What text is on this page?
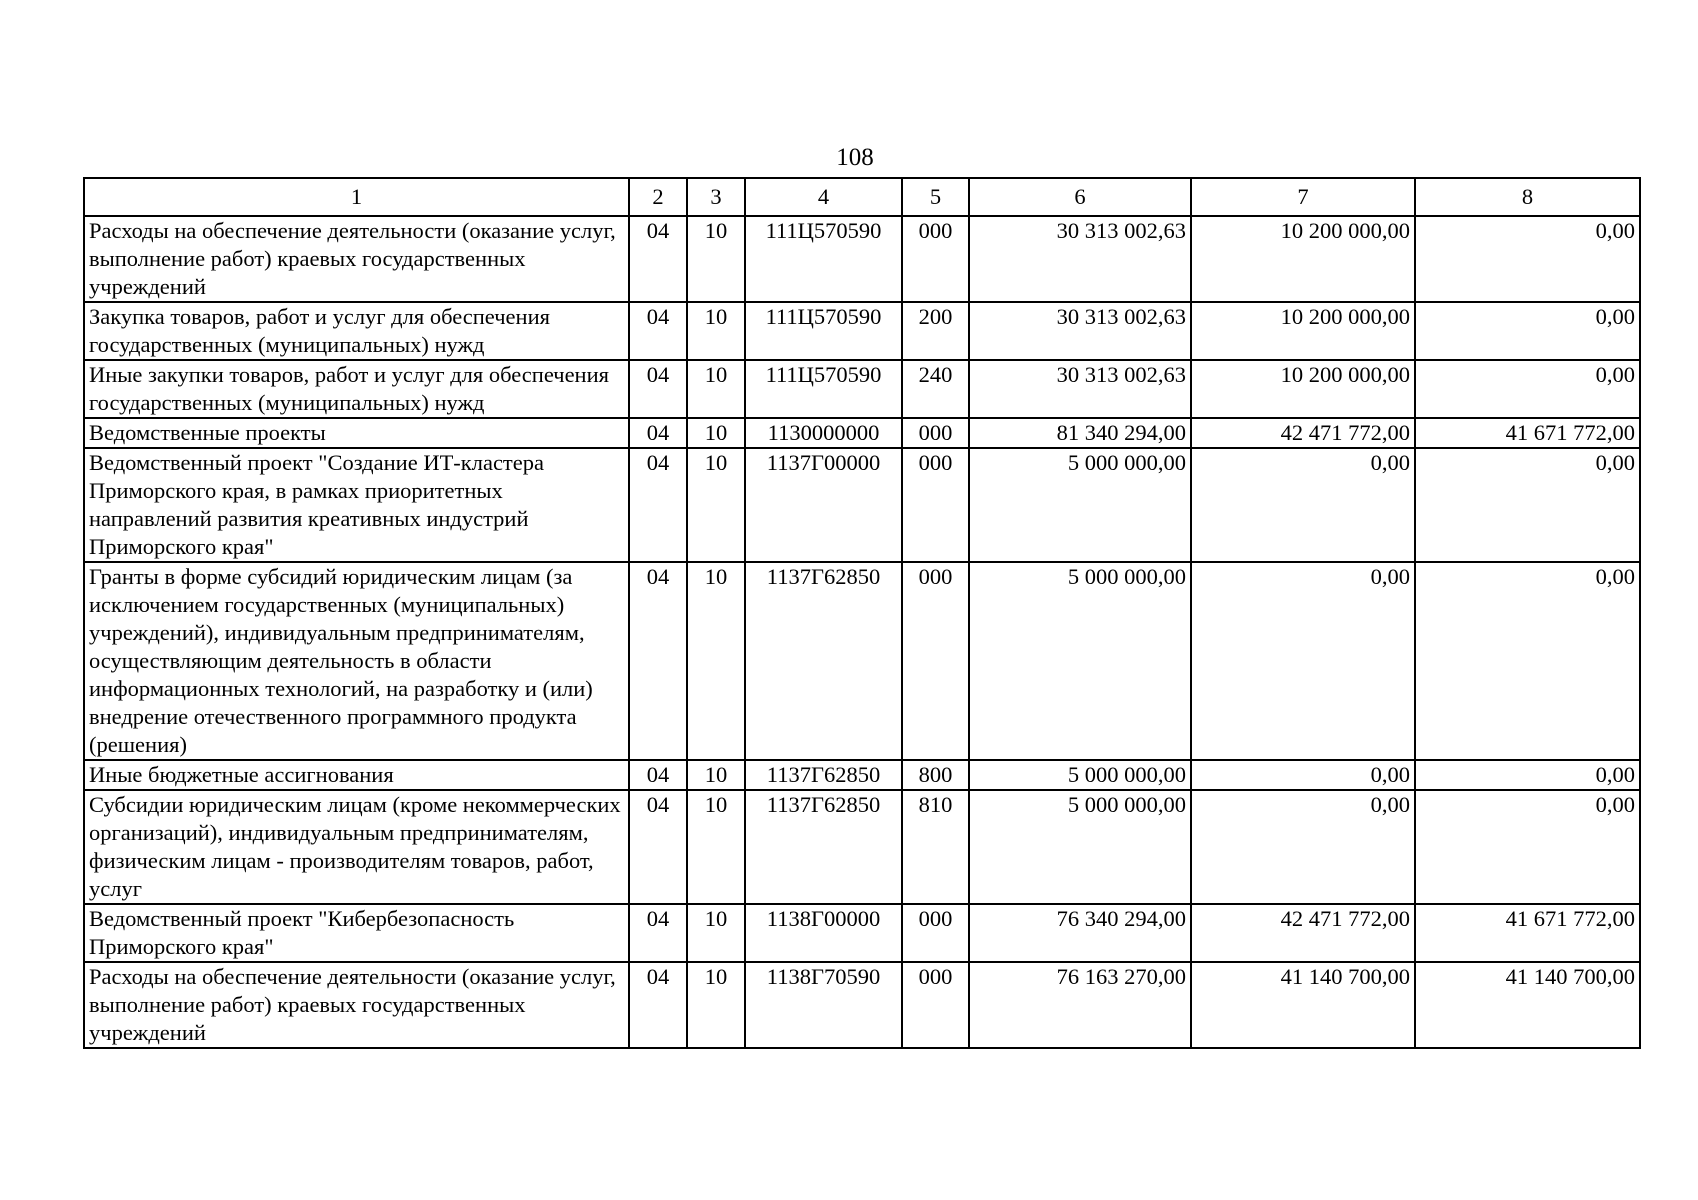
108
1	2	3	4	5	6	7	8
Расходы на обеспечение деятельности (оказание услуг, выполнение работ) краевых государственных учреждений	04	10	111Ц570590	000	30 313 002,63	10 200 000,00	0,00
Закупка товаров, работ и услуг для обеспечения государственных (муниципальных) нужд	04	10	111Ц570590	200	30 313 002,63	10 200 000,00	0,00
Иные закупки товаров, работ и услуг для обеспечения государственных (муниципальных) нужд	04	10	111Ц570590	240	30 313 002,63	10 200 000,00	0,00
Ведомственные проекты	04	10	1130000000	000	81 340 294,00	42 471 772,00	41 671 772,00
Ведомственный проект "Создание ИТ-кластера Приморского края, в рамках приоритетных направлений развития креативных индустрий Приморского края"	04	10	1137Г00000	000	5 000 000,00	0,00	0,00
Гранты в форме субсидий юридическим лицам (за исключением государственных (муниципальных) учреждений), индивидуальным предпринимателям, осуществляющим деятельность в области информационных технологий, на разработку и (или) внедрение отечественного программного продукта (решения)	04	10	1137Г62850	000	5 000 000,00	0,00	0,00
Иные бюджетные ассигнования	04	10	1137Г62850	800	5 000 000,00	0,00	0,00
Субсидии юридическим лицам (кроме некоммерческих организаций), индивидуальным предпринимателям, физическим лицам - производителям товаров, работ, услуг	04	10	1137Г62850	810	5 000 000,00	0,00	0,00
Ведомственный проект "Кибербезопасность Приморского края"	04	10	1138Г00000	000	76 340 294,00	42 471 772,00	41 671 772,00
Расходы на обеспечение деятельности (оказание услуг, выполнение работ) краевых государственных учреждений	04	10	1138Г70590	000	76 163 270,00	41 140 700,00	41 140 700,00
